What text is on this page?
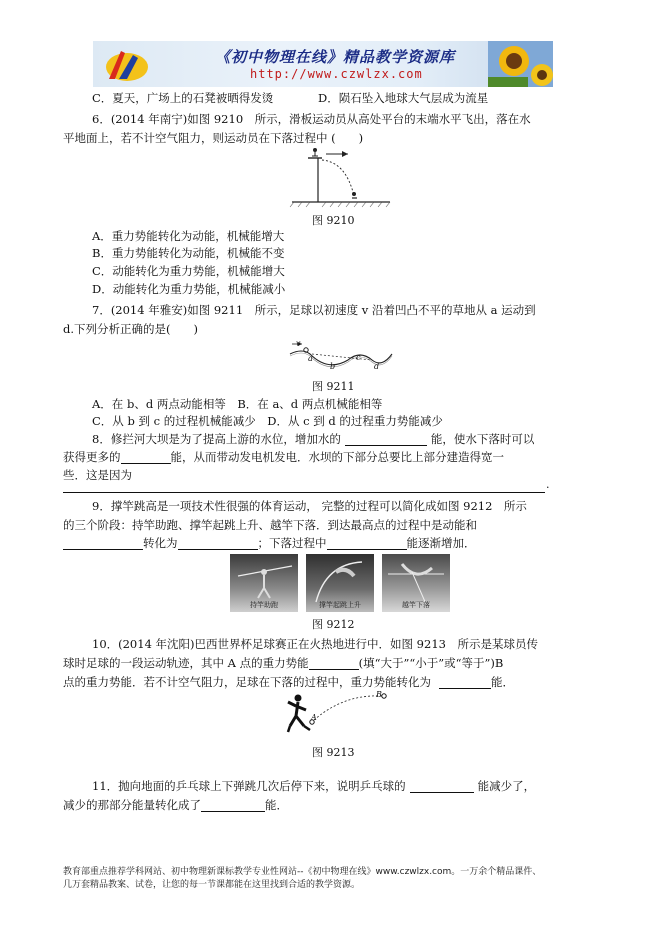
《初中物理在线》精品教学资源库
http://www.czwlzx.com
C．夏天，广场上的石凳被晒得发烫	D．陨石坠入地球大气层成为流星
6．(2014 年南宁)如图 9210　所示，滑板运动员从高处平台的末端水平飞出，落在水
平地面上，若不计空气阻力，则运动员在下落过程中 (　　)
图 9210
A．重力势能转化为动能，机械能增大
B．重力势能转化为动能，机械能不变
C．动能转化为重力势能，机械能增大
D．动能转化为重力势能，机械能减小
7．(2014 年雅安)如图 9211　所示，足球以初速度 v 沿着凹凸不平的草地从 a 运动到
d.下列分析正确的是(　　)
v
a
b
c
d
图 9211
A．在 b、d 两点动能相等　B．在 a、d 两点机械能相等
C．从 b 到 c 的过程机械能减少　D．从 c 到 d 的过程重力势能减少
8．修拦河大坝是为了提高上游的水位，增加水的	能，使水下落时可以
获得更多的	能，从而带动发电机发电．水坝的下部分总要比上部分建造得宽一
些．这是因为
.
9．撑竿跳高是一项技术性很强的体育运动， 完整的过程可以简化成如图 9212　所示
的三个阶段：持竿助跑、撑竿起跳上升、越竿下落．到达最高点的过程中是动能和
转化为	；下落过程中	能逐渐增加．
持竿助跑	撑竿起跳上升	越竿下落
图 9212
10．(2014 年沈阳)巴西世界杯足球赛正在火热地进行中．如图 9213　所示是某球员传
球时足球的一段运动轨迹，其中 A 点的重力势能	(填“大于”“小于”或“等于”)B
点的重力势能．若不计空气阻力，足球在下落的过程中，重力势能转化为	能．
A
B
图 9213
11．抛向地面的乒乓球上下弹跳几次后停下来，说明乒乓球的	能减少了，
减少的那部分能量转化成了	能．
教育部重点推荐学科网站、初中物理新课标教学专业性网站--《初中物理在线》www.czwlzx.com。一万余个精品课件、
几万套精品教案、试卷，让您的每一节课都能在这里找到合适的教学资源。
